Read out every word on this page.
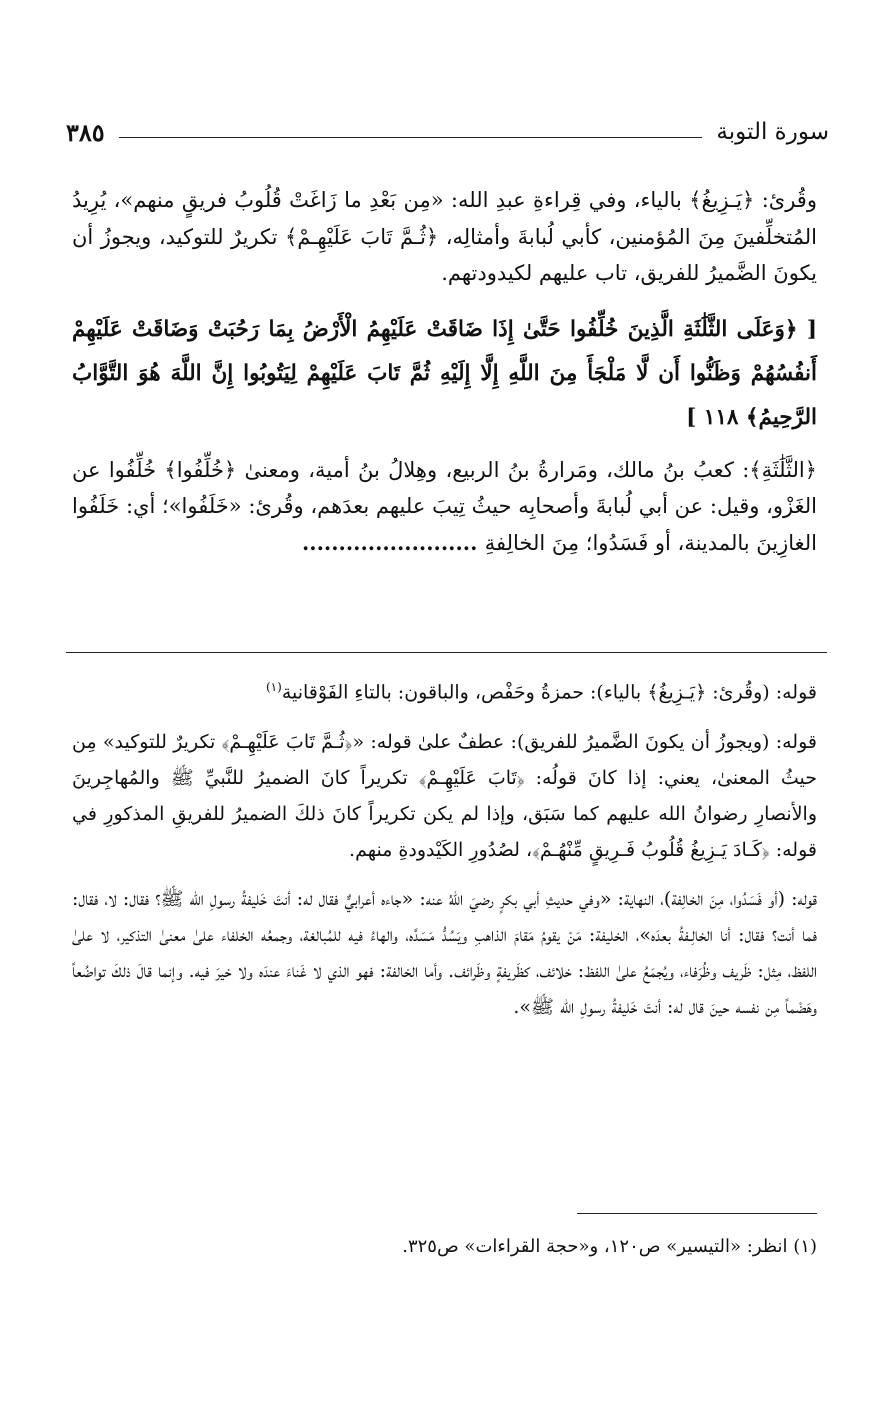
سورة التوبة
٣٨٥

وقُرئ: ﴿يَـزِيغُ﴾ بالياء، وفي قِراءةِ عبدِ الله: «مِن بَعْدِ ما زَاغَتْ قُلُوبُ فريقٍ منهم»، يُرِيدُ المُتخلِّفينَ مِنَ المُؤمنين، كأبي لُبابةَ وأمثالِه، ﴿ثُـمَّ تَابَ عَلَيْهِـمْ﴾ تكريرٌ للتوكيد، ويجوزُ أن يكونَ الضَّميرُ للفريق، تاب عليهم لكيدودتهم.

[ ﴿وَعَلَى الثَّلَٰثَةِ الَّذِينَ خُلِّفُوا حَتَّىٰ إِذَا ضَاقَتْ عَلَيْهِمُ الْأَرْضُ بِمَا رَحُبَتْ وَضَاقَتْ عَلَيْهِمْ أَنفُسُهُمْ وَظَنُّوا أَن لَّا مَلْجَأَ مِنَ اللَّهِ إِلَّا إِلَيْهِ ثُمَّ تَابَ عَلَيْهِمْ لِيَتُوبُوا إِنَّ اللَّهَ هُوَ التَّوَّابُ الرَّحِيمُ﴾ ١١٨ ]

﴿الثَّلَٰثَةِ﴾: كعبُ بنُ مالك، ومَرارةُ بنُ الربيع، وهِلالُ بنُ أمية، ومعنىٰ ﴿خُلِّفُوا﴾ خُلِّفُوا عن الغَزْو، وقيل: عن أبي لُبابةَ وأصحابِه حيثُ تِيبَ عليهم بعدَهم، وقُرئ: «خَلَفُوا»؛ أي: خَلَفُوا الغازِينَ بالمدينة، أو فَسَدُوا؛ مِنَ الخالِفةِ ........................

قوله: (وقُرئ: ﴿يَـزِيغُ﴾ بالياء): حمزةُ وحَفْص، والباقون: بالتاءِ الفَوْقانية$^{(١)}$

قوله: (ويجوزُ أن يكونَ الضَّميرُ للفريق): عطفٌ علىٰ قوله: «﴿ثُـمَّ تَابَ عَلَيْهِـمْ﴾ تكريرٌ للتوكيد» مِن حيثُ المعنىٰ، يعني: إذا كانَ قولُه: ﴿تَابَ عَلَيْهِـمْ﴾ تكريراً كانَ الضميرُ للنَّبيِّ ﷺ والمُهاجِرينَ والأنصارِ رضوانُ الله عليهم كما سَبَق، وإذا لم يكن تكريراً كانَ ذلكَ الضميرُ للفريقِ المذكورِ في قوله: ﴿كَـادَ يَـزِيغُ قُلُوبُ فَـرِيقٍ مِّنْهُـمْ﴾، لصُدُورِ الكَيْدودةِ منهم.

قوله: (أو فَسَدُوا، مِنَ الخالِفة)، النهاية: «وفي حديثِ أبي بكرٍ رضيَ اللهُ عنه: «جاءه أعرابيٌّ فقال له: أنتَ خَليفةُ رسولِ الله ﷺ؟ فقال: لا، فقال: فما أنت؟ فقال: أنا الخالِـفةُ بعدَه»، الخليفة: مَنْ يقومُ مَقامَ الذاهبِ ويَسُدُّ مَسَدَّه، والهاءُ فيه للمُبالغة، وجمعُه الخلفاء علىٰ معنىٰ التذكير، لا علىٰ اللفظ، مِثل: ظَريف وظُرَفاء، ويُجمَعُ علىٰ اللفظ: خلائف، كظَريفةٍ وظَرائف. وأما الخالفة: فهو الذي لا غَناءَ عندَه ولا خيرَ فيه. وإنما قالَ ذلكَ تواضُعاً وهَضْماً مِن نفسه حينَ قال له: أنتَ خَليفةُ رسولِ الله ﷺ».

(١) انظر: «التيسير» ص١٢٠، و«حجة القراءات» ص٣٢٥.
